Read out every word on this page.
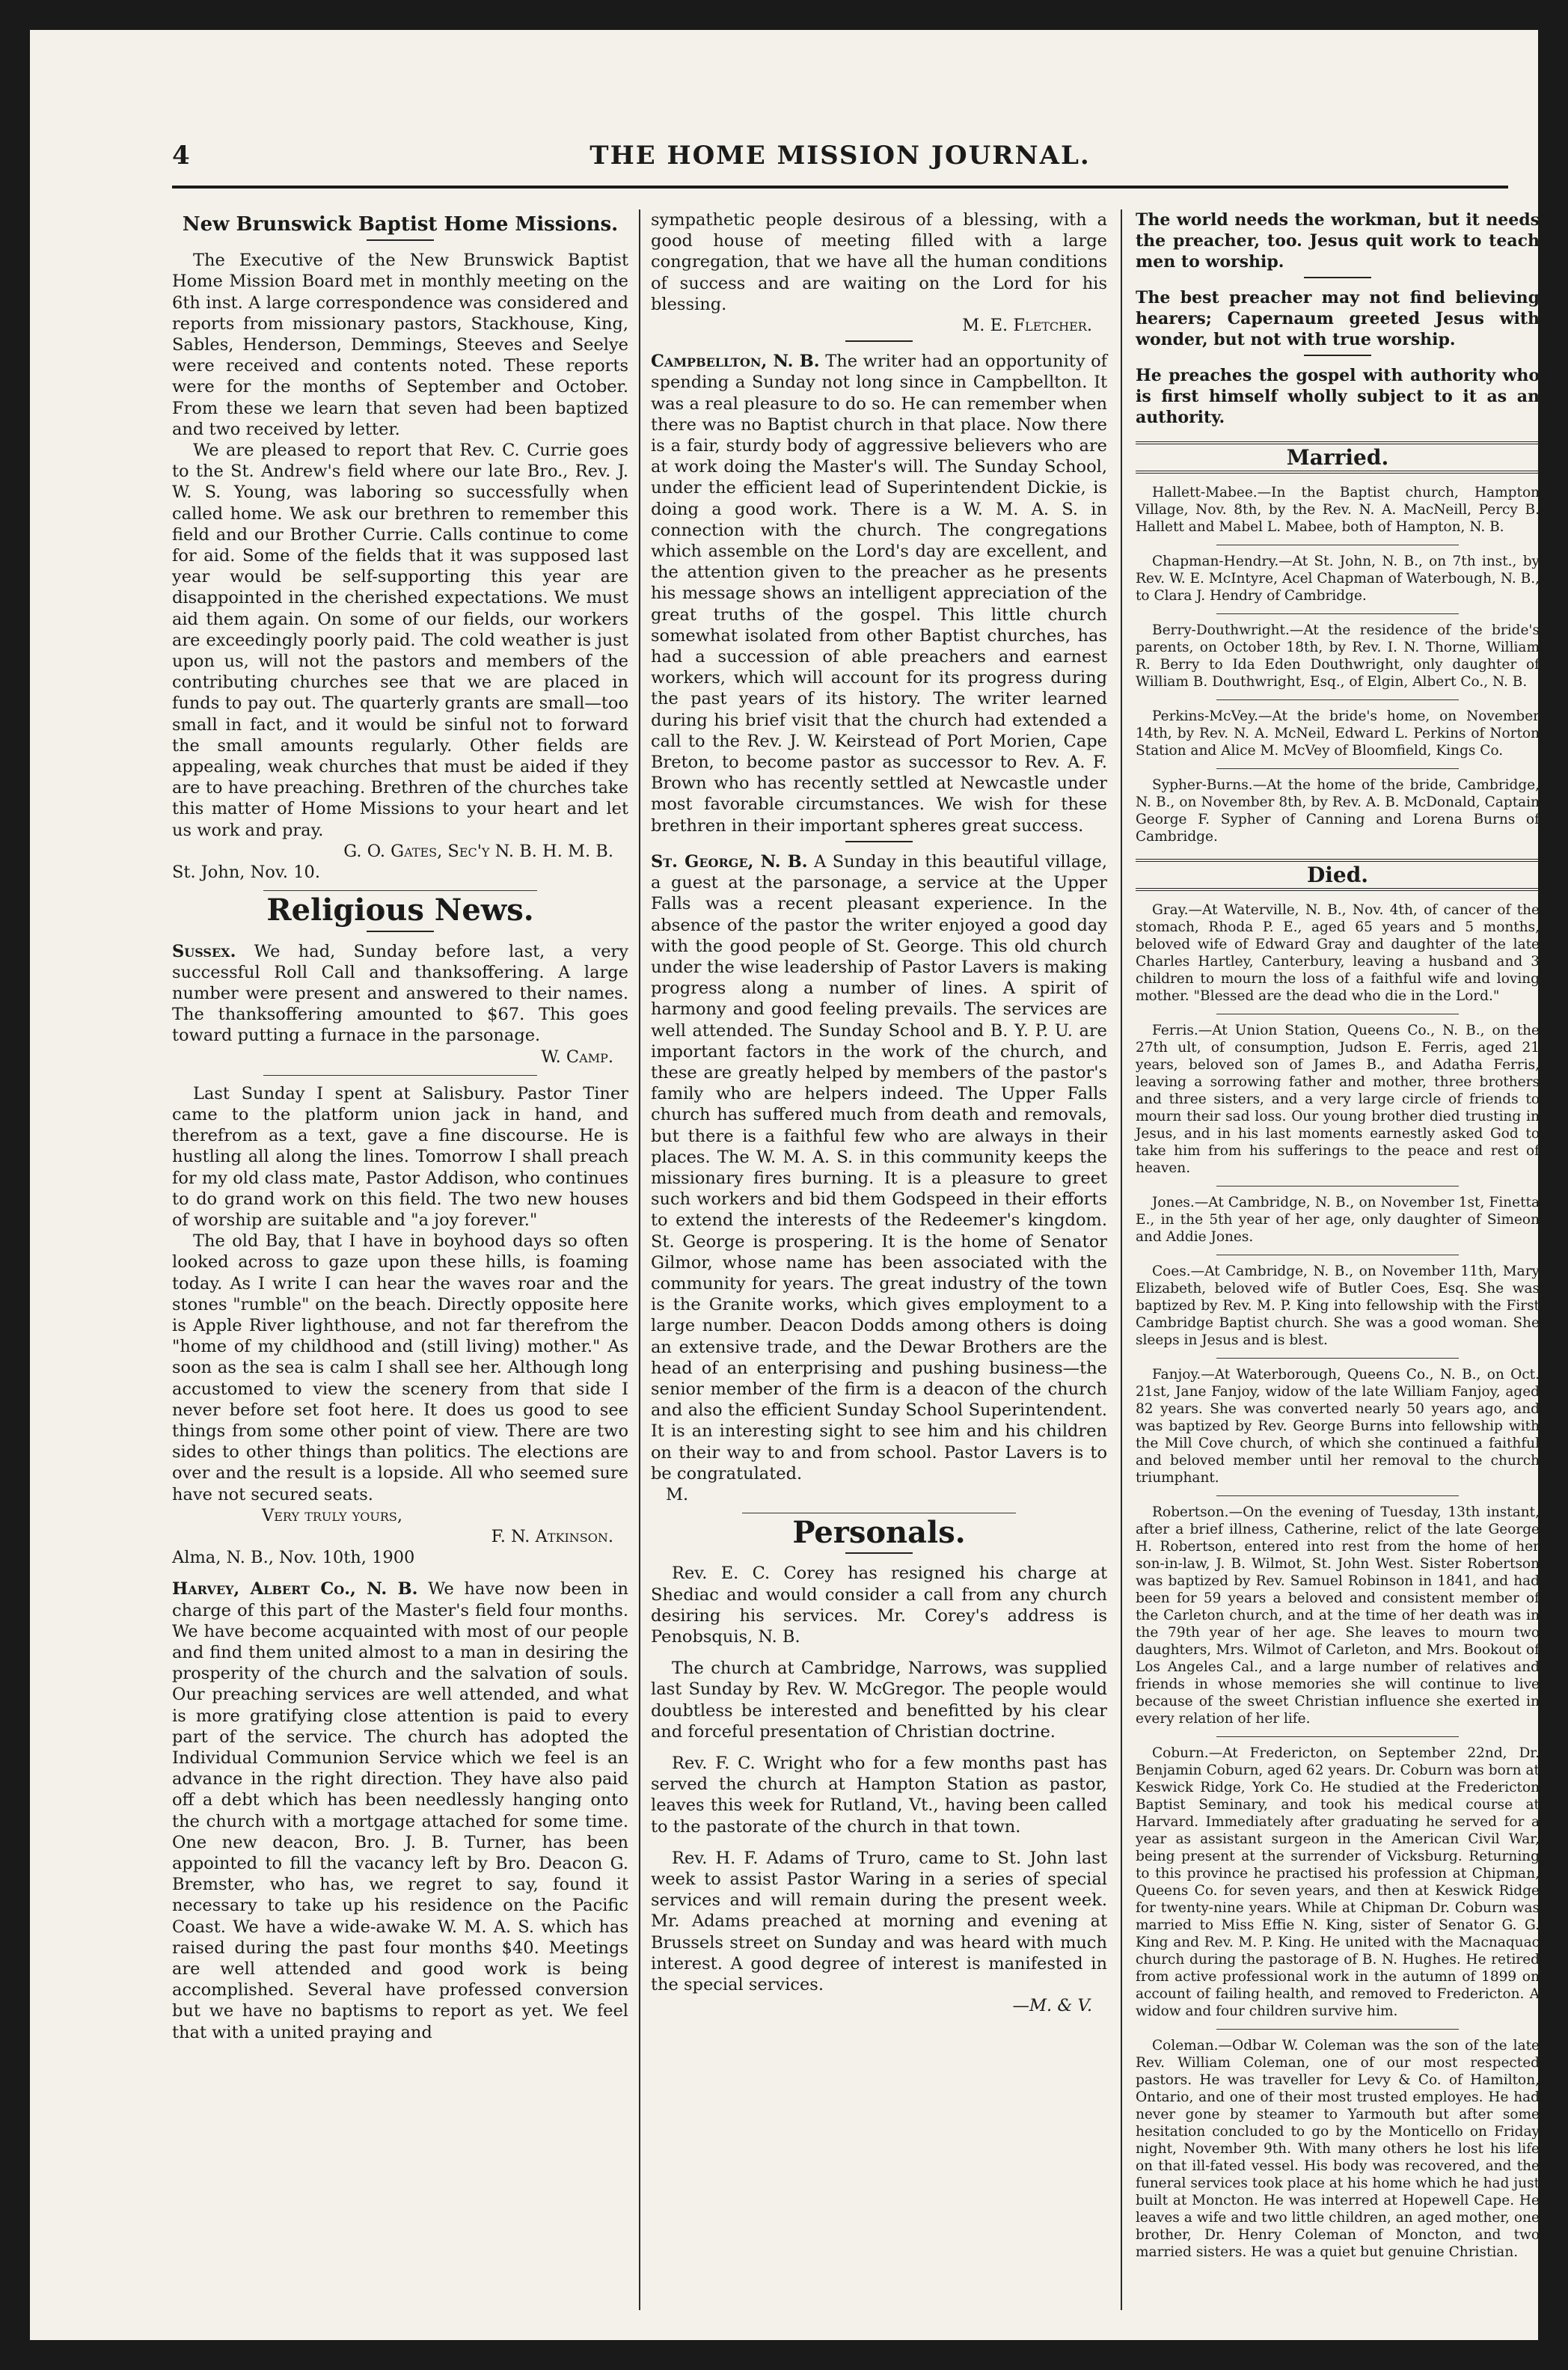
4	THE HOME MISSION JOURNAL.
New Brunswick Baptist Home Missions.

The Executive of the New Brunswick Baptist Home Mission Board met in monthly meeting on the 6th inst. A large correspondence was considered and reports from missionary pastors, Stackhouse, King, Sables, Henderson, Demmings, Steeves and Seelye were received and contents noted. These reports were for the months of September and October. From these we learn that seven had been baptized and two received by letter.

We are pleased to report that Rev. C. Currie goes to the St. Andrew's field where our late Bro., Rev. J. W. S. Young, was laboring so successfully when called home. We ask our brethren to remember this field and our Brother Currie. Calls continue to come for aid. Some of the fields that it was supposed last year would be self-supporting this year are disappointed in the cherished expectations. We must aid them again. On some of our fields, our workers are exceedingly poorly paid. The cold weather is just upon us, will not the pastors and members of the contributing churches see that we are placed in funds to pay out. The quarterly grants are small—too small in fact, and it would be sinful not to forward the small amounts regularly. Other fields are appealing, weak churches that must be aided if they are to have preaching. Brethren of the churches take this matter of Home Missions to your heart and let us work and pray.

G. O. Gates, Sec'y N. B. H. M. B.

St. John, Nov. 10.

Religious News.

Sussex. We had, Sunday before last, a very successful Roll Call and thanksoffering. A large number were present and answered to their names. The thanksoffering amounted to $67. This goes toward putting a furnace in the parsonage.

W. Camp.

Last Sunday I spent at Salisbury. Pastor Tiner came to the platform union jack in hand, and therefrom as a text, gave a fine discourse. He is hustling all along the lines. Tomorrow I shall preach for my old class mate, Pastor Addison, who continues to do grand work on this field. The two new houses of worship are suitable and "a joy forever."

The old Bay, that I have in boyhood days so often looked across to gaze upon these hills, is foaming today. As I write I can hear the waves roar and the stones "rumble" on the beach. Directly opposite here is Apple River lighthouse, and not far therefrom the "home of my childhood and (still living) mother." As soon as the sea is calm I shall see her. Although long accustomed to view the scenery from that side I never before set foot here. It does us good to see things from some other point of view. There are two sides to other things than politics. The elections are over and the result is a lopside. All who seemed sure have not secured seats.

Very truly yours,

F. N. Atkinson.

Alma, N. B., Nov. 10th, 1900

Harvey, Albert Co., N. B. We have now been in charge of this part of the Master's field four months. We have become acquainted with most of our people and find them united almost to a man in desiring the prosperity of the church and the salvation of souls. Our preaching services are well attended, and what is more gratifying close attention is paid to every part of the service. The church has adopted the Individual Communion Service which we feel is an advance in the right direction. They have also paid off a debt which has been needlessly hanging onto the church with a mortgage attached for some time. One new deacon, Bro. J. B. Turner, has been appointed to fill the vacancy left by Bro. Deacon G. Bremster, who has, we regret to say, found it necessary to take up his residence on the Pacific Coast. We have a wide-awake W. M. A. S. which has raised during the past four months $40. Meetings are well attended and good work is being accomplished. Several have professed conversion but we have no baptisms to report as yet. We feel that with a united praying and

sympathetic people desirous of a blessing, with a good house of meeting filled with a large congregation, that we have all the human conditions of success and are waiting on the Lord for his blessing.

M. E. Fletcher.

Campbellton, N. B. The writer had an opportunity of spending a Sunday not long since in Campbellton. It was a real pleasure to do so. He can remember when there was no Baptist church in that place. Now there is a fair, sturdy body of aggressive believers who are at work doing the Master's will. The Sunday School, under the efficient lead of Superintendent Dickie, is doing a good work. There is a W. M. A. S. in connection with the church. The congregations which assemble on the Lord's day are excellent, and the attention given to the preacher as he presents his message shows an intelligent appreciation of the great truths of the gospel. This little church somewhat isolated from other Baptist churches, has had a succession of able preachers and earnest workers, which will account for its progress during the past years of its history. The writer learned during his brief visit that the church had extended a call to the Rev. J. W. Keirstead of Port Morien, Cape Breton, to become pastor as successor to Rev. A. F. Brown who has recently settled at Newcastle under most favorable circumstances. We wish for these brethren in their important spheres great success.

St. George, N. B. A Sunday in this beautiful village, a guest at the parsonage, a service at the Upper Falls was a recent pleasant experience. In the absence of the pastor the writer enjoyed a good day with the good people of St. George. This old church under the wise leadership of Pastor Lavers is making progress along a number of lines. A spirit of harmony and good feeling prevails. The services are well attended. The Sunday School and B. Y. P. U. are important factors in the work of the church, and these are greatly helped by members of the pastor's family who are helpers indeed. The Upper Falls church has suffered much from death and removals, but there is a faithful few who are always in their places. The W. M. A. S. in this community keeps the missionary fires burning. It is a pleasure to greet such workers and bid them Godspeed in their efforts to extend the interests of the Redeemer's kingdom. St. George is prospering. It is the home of Senator Gilmor, whose name has been associated with the community for years. The great industry of the town is the Granite works, which gives employment to a large number. Deacon Dodds among others is doing an extensive trade, and the Dewar Brothers are the head of an enterprising and pushing business—the senior member of the firm is a deacon of the church and also the efficient Sunday School Superintendent. It is an interesting sight to see him and his children on their way to and from school. Pastor Lavers is to be congratulated.

M.

Personals.

Rev. E. C. Corey has resigned his charge at Shediac and would consider a call from any church desiring his services. Mr. Corey's address is Penobsquis, N. B.

The church at Cambridge, Narrows, was supplied last Sunday by Rev. W. McGregor. The people would doubtless be interested and benefitted by his clear and forceful presentation of Christian doctrine.

Rev. F. C. Wright who for a few months past has served the church at Hampton Station as pastor, leaves this week for Rutland, Vt., having been called to the pastorate of the church in that town.

Rev. H. F. Adams of Truro, came to St. John last week to assist Pastor Waring in a series of special services and will remain during the present week. Mr. Adams preached at morning and evening at Brussels street on Sunday and was heard with much interest. A good degree of interest is manifested in the special services.

—M. & V.

The world needs the workman, but it needs the preacher, too. Jesus quit work to teach men to worship.

The best preacher may not find believing hearers; Capernaum greeted Jesus with wonder, but not with true worship.

He preaches the gospel with authority who is first himself wholly subject to it as an authority.

Married.

Hallett-Mabee.—In the Baptist church, Hampton Village, Nov. 8th, by the Rev. N. A. MacNeill, Percy B. Hallett and Mabel L. Mabee, both of Hampton, N. B.

Chapman-Hendry.—At St. John, N. B., on 7th inst., by Rev. W. E. McIntyre, Acel Chapman of Waterbough, N. B., to Clara J. Hendry of Cambridge.

Berry-Douthwright.—At the residence of the bride's parents, on October 18th, by Rev. I. N. Thorne, William R. Berry to Ida Eden Douthwright, only daughter of William B. Douthwright, Esq., of Elgin, Albert Co., N. B.

Perkins-McVey.—At the bride's home, on November 14th, by Rev. N. A. McNeil, Edward L. Perkins of Norton Station and Alice M. McVey of Bloomfield, Kings Co.

Sypher-Burns.—At the home of the bride, Cambridge, N. B., on November 8th, by Rev. A. B. McDonald, Captain George F. Sypher of Canning and Lorena Burns of Cambridge.

Died.

Gray.—At Waterville, N. B., Nov. 4th, of cancer of the stomach, Rhoda P. E., aged 65 years and 5 months, beloved wife of Edward Gray and daughter of the late Charles Hartley, Canterbury, leaving a husband and 3 children to mourn the loss of a faithful wife and loving mother. "Blessed are the dead who die in the Lord."

Ferris.—At Union Station, Queens Co., N. B., on the 27th ult, of consumption, Judson E. Ferris, aged 21 years, beloved son of James B., and Adatha Ferris, leaving a sorrowing father and mother, three brothers and three sisters, and a very large circle of friends to mourn their sad loss. Our young brother died trusting in Jesus, and in his last moments earnestly asked God to take him from his sufferings to the peace and rest of heaven.

Jones.—At Cambridge, N. B., on November 1st, Finetta E., in the 5th year of her age, only daughter of Simeon and Addie Jones.

Coes.—At Cambridge, N. B., on November 11th, Mary Elizabeth, beloved wife of Butler Coes, Esq. She was baptized by Rev. M. P. King into fellowship with the First Cambridge Baptist church. She was a good woman. She sleeps in Jesus and is blest.

Fanjoy.—At Waterborough, Queens Co., N. B., on Oct. 21st, Jane Fanjoy, widow of the late William Fanjoy, aged 82 years. She was converted nearly 50 years ago, and was baptized by Rev. George Burns into fellowship with the Mill Cove church, of which she continued a faithful and beloved member until her removal to the church triumphant.

Robertson.—On the evening of Tuesday, 13th instant, after a brief illness, Catherine, relict of the late George H. Robertson, entered into rest from the home of her son-in-law, J. B. Wilmot, St. John West. Sister Robertson was baptized by Rev. Samuel Robinson in 1841, and had been for 59 years a beloved and consistent member of the Carleton church, and at the time of her death was in the 79th year of her age. She leaves to mourn two daughters, Mrs. Wilmot of Carleton, and Mrs. Bookout of Los Angeles Cal., and a large number of relatives and friends in whose memories she will continue to live because of the sweet Christian influence she exerted in every relation of her life.

Coburn.—At Fredericton, on September 22nd, Dr. Benjamin Coburn, aged 62 years. Dr. Coburn was born at Keswick Ridge, York Co. He studied at the Fredericton Baptist Seminary, and took his medical course at Harvard. Immediately after graduating he served for a year as assistant surgeon in the American Civil War, being present at the surrender of Vicksburg. Returning to this province he practised his profession at Chipman, Queens Co. for seven years, and then at Keswick Ridge for twenty-nine years. While at Chipman Dr. Coburn was married to Miss Effie N. King, sister of Senator G. G. King and Rev. M. P. King. He united with the Macnaquac church during the pastorage of B. N. Hughes. He retired from active professional work in the autumn of 1899 on account of failing health, and removed to Fredericton. A widow and four children survive him.

Coleman.—Odbar W. Coleman was the son of the late Rev. William Coleman, one of our most respected pastors. He was traveller for Levy & Co. of Hamilton, Ontario, and one of their most trusted employes. He had never gone by steamer to Yarmouth but after some hesitation concluded to go by the Monticello on Friday night, November 9th. With many others he lost his life on that ill-fated vessel. His body was recovered, and the funeral services took place at his home which he had just built at Moncton. He was interred at Hopewell Cape. He leaves a wife and two little children, an aged mother, one brother, Dr. Henry Coleman of Moncton, and two married sisters. He was a quiet but genuine Christian.
